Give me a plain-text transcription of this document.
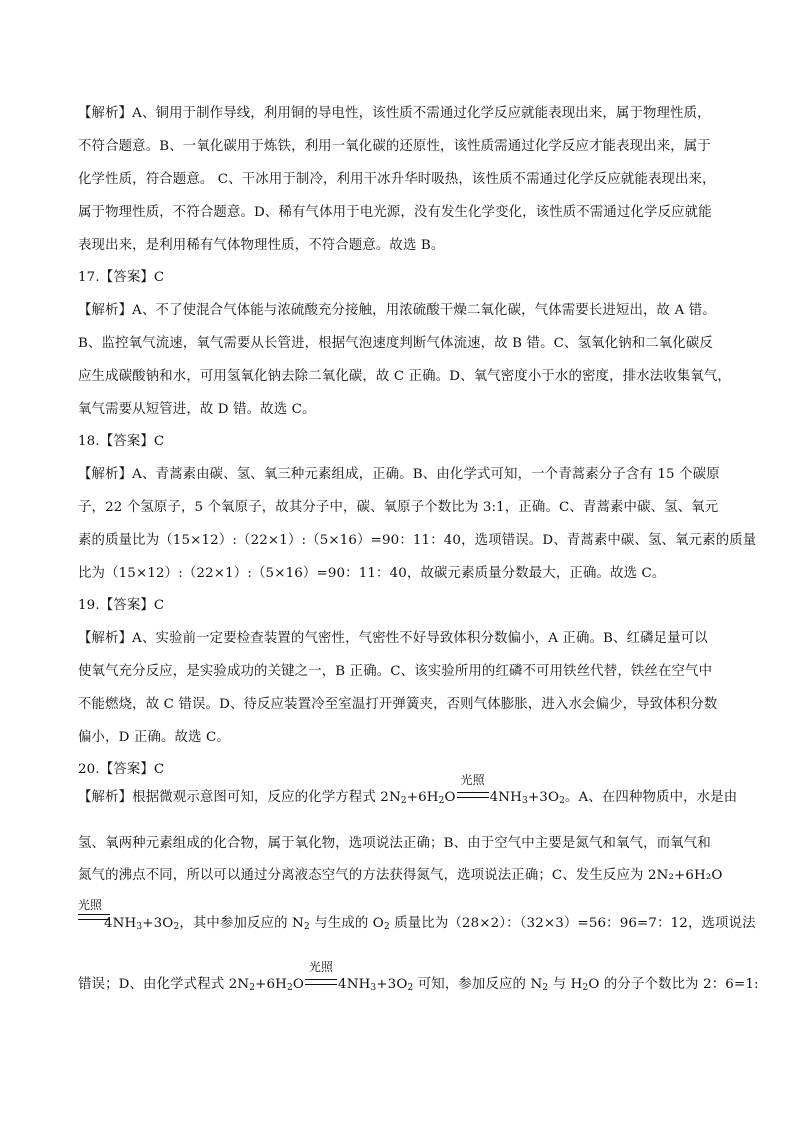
【解析】A、铜用于制作导线，利用铜的导电性，该性质不需通过化学反应就能表现出来，属于物理性质，
不符合题意。B、一氧化碳用于炼铁，利用一氧化碳的还原性，该性质需通过化学反应才能表现出来，属于
化学性质，符合题意。 C、干冰用于制冷，利用干冰升华时吸热，该性质不需通过化学反应就能表现出来，
属于物理性质，不符合题意。D、稀有气体用于电光源，没有发生化学变化，该性质不需通过化学反应就能
表现出来，是利用稀有气体物理性质，不符合题意。故选 B。
17.【答案】C
【解析】A、不了使混合气体能与浓硫酸充分接触，用浓硫酸干燥二氧化碳，气体需要长进短出，故 A 错。
B、监控氧气流速，氧气需要从长管进，根据气泡速度判断气体流速，故 B 错。C、氢氧化钠和二氧化碳反
应生成碳酸钠和水，可用氢氧化钠去除二氧化碳，故 C 正确。D、氧气密度小于水的密度，排水法收集氧气，
氧气需要从短管进，故 D 错。故选 C。
18.【答案】C
【解析】A、青蒿素由碳、氢、氧三种元素组成，正确。B、由化学式可知，一个青蒿素分子含有 15 个碳原
子，22 个氢原子，5 个氧原子，故其分子中，碳、氧原子个数比为 3:1，正确。C、青蒿素中碳、氢、氧元
素的质量比为（15×12）:（22×1）:（5×16）=90：11：40，选项错误。D、青蒿素中碳、氢、氧元素的质量
比为（15×12）:（22×1）:（5×16）=90：11：40，故碳元素质量分数最大，正确。故选 C。
19.【答案】C
【解析】A、实验前一定要检查装置的气密性，气密性不好导致体积分数偏小，A 正确。B、红磷足量可以
使氧气充分反应，是实验成功的关键之一，B 正确。C、该实验所用的红磷不可用铁丝代替，铁丝在空气中
不能燃烧，故 C 错误。D、待反应装置冷至室温打开弹簧夹，否则气体膨胀，进入水会偏少，导致体积分数
偏小，D 正确。故选 C。
20.【答案】C
【解析】根据微观示意图可知，反应的化学方程式 $2N_2+6H_2O$
光照
$4NH_3+3O_2$。A、在四种物质中，水是由
氢、氧两种元素组成的化合物，属于氧化物，选项说法正确；B、由于空气中主要是氮气和氧气，而氧气和
氮气的沸点不同，所以可以通过分离液态空气的方法获得氮气，选项说法正确；C、发生反应为 2N₂+6H₂O
光照
$4NH_3+3O_2$，其中参加反应的 $N_2$ 与生成的 $O_2$ 质量比为（28×2）：（32×3）=56：96=7：12，选项说法
错误；D、由化学式程式 $2N_2+6H_2O$
光照
$4NH_3+3O_2$ 可知，参加反应的 $N_2$ 与 $H_2O$ 的分子个数比为 2：6=1:
